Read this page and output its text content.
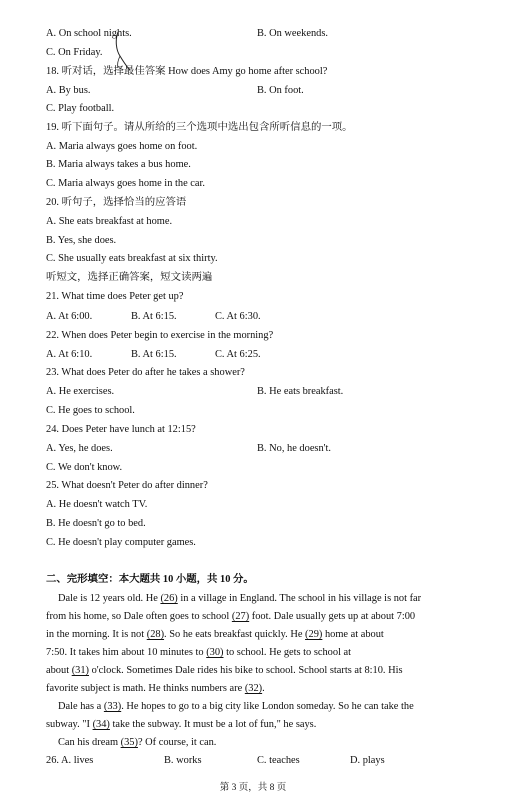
A. On school nights.	B. On weekends.
C. On Friday.
18. 听对话，选择最佳答案 How does Amy go home after school?
A. By bus.	B. On foot.
C. Play football.
19. 听下面句子。请从所给的三个选项中选出包含所听信息的一项。
A. Maria always goes home on foot.
B. Maria always takes a bus home.
C. Maria always goes home in the car.
20. 听句子，选择恰当的应答语
A. She eats breakfast at home.
B. Yes, she does.
C. She usually eats breakfast at six thirty.
听短文，选择正确答案，短文读两遍
21. What time does Peter get up?
A. At 6:00.	B. At 6:15.	C. At 6:30.
22. When does Peter begin to exercise in the morning?
A. At 6:10.	B. At 6:15.	C. At 6:25.
23. What does Peter do after he takes a shower?
A. He exercises.	B. He eats breakfast.
C. He goes to school.
24. Does Peter have lunch at 12:15?
A. Yes, he does.	B. No, he doesn't.
C. We don't know.
25. What doesn't Peter do after dinner?
A. He doesn't watch TV.
B. He doesn't go to bed.
C. He doesn't play computer games.
二、完形填空：本大题共 10 小题，共 10 分。
Dale is 12 years old. He (26) in a village in England. The school in his village is not far
from his home, so Dale often goes to school (27) foot. Dale usually gets up at about 7:00
in the morning. It is not (28). So he eats breakfast quickly. He (29) home at about
7:50. It takes him about 10 minutes to (30) to school. He gets to school at
about (31) o'clock. Sometimes Dale rides his bike to school. School starts at 8:10. His
favorite subject is math. He thinks numbers are (32).
Dale has a (33). He hopes to go to a big city like London someday. So he can take the
subway. "I (34) take the subway. It must be a lot of fun," he says.
Can his dream (35)? Of course, it can.
26. A. lives	B. works	C. teaches	D. plays
第 3 页，共 8 页
